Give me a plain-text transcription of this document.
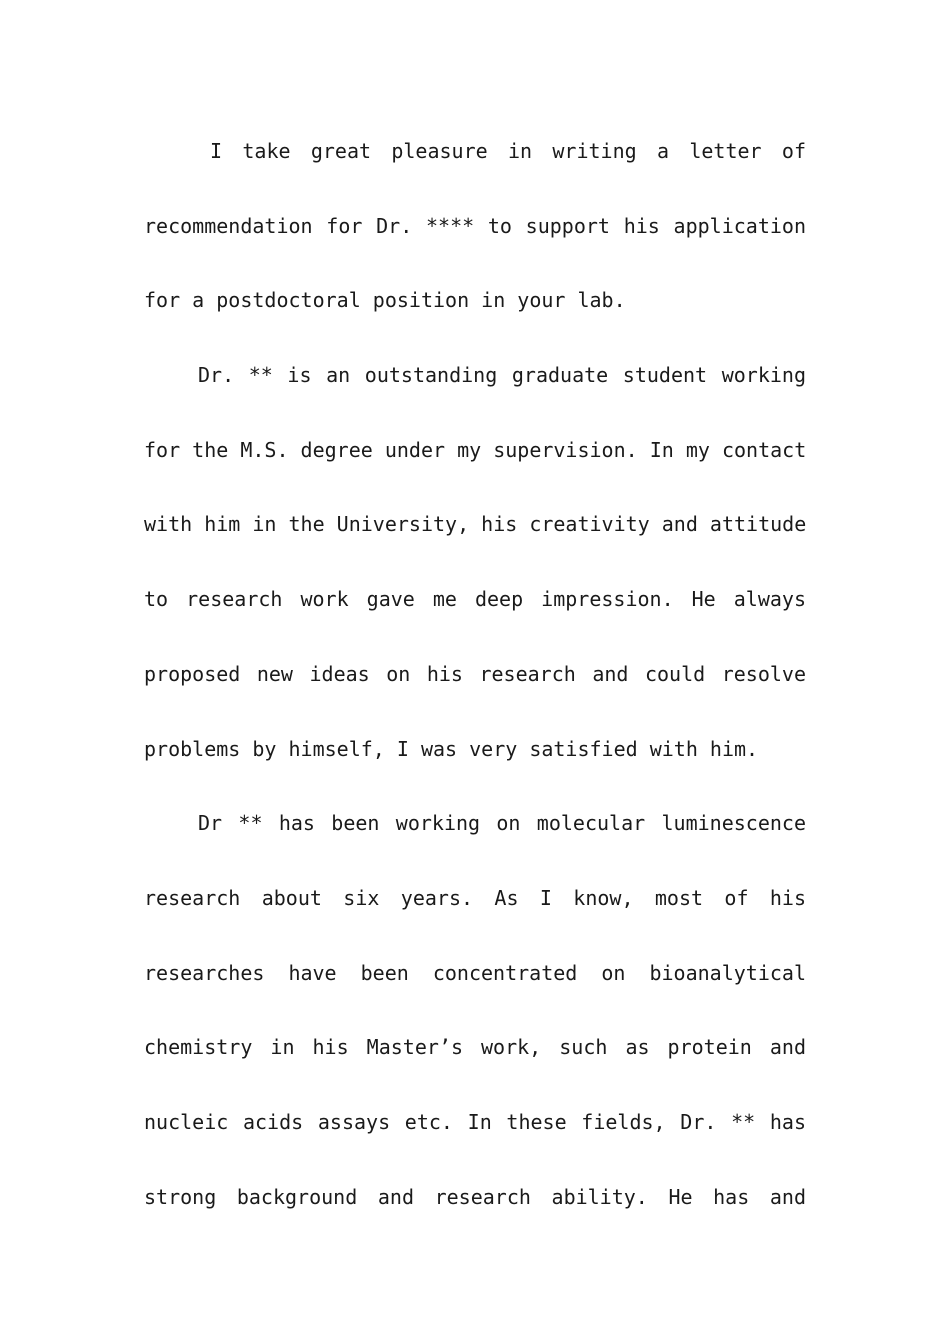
I take great pleasure in writing a letter of
recommendation for Dr. **** to support his application
for a postdoctoral position in your lab.
Dr. ** is an outstanding graduate student working
for the M.S. degree under my supervision. In my contact
with him in the University, his creativity and attitude
to research work gave me deep impression. He always
proposed new ideas on his research and could resolve
problems by himself, I was very satisfied with him.
Dr ** has been working on molecular luminescence
research about six years. As I know, most of his
researches have been concentrated on bioanalytical
chemistry in his Master’s work, such as protein and
nucleic acids assays etc. In these fields, Dr. ** has
strong background and research ability. He has and
